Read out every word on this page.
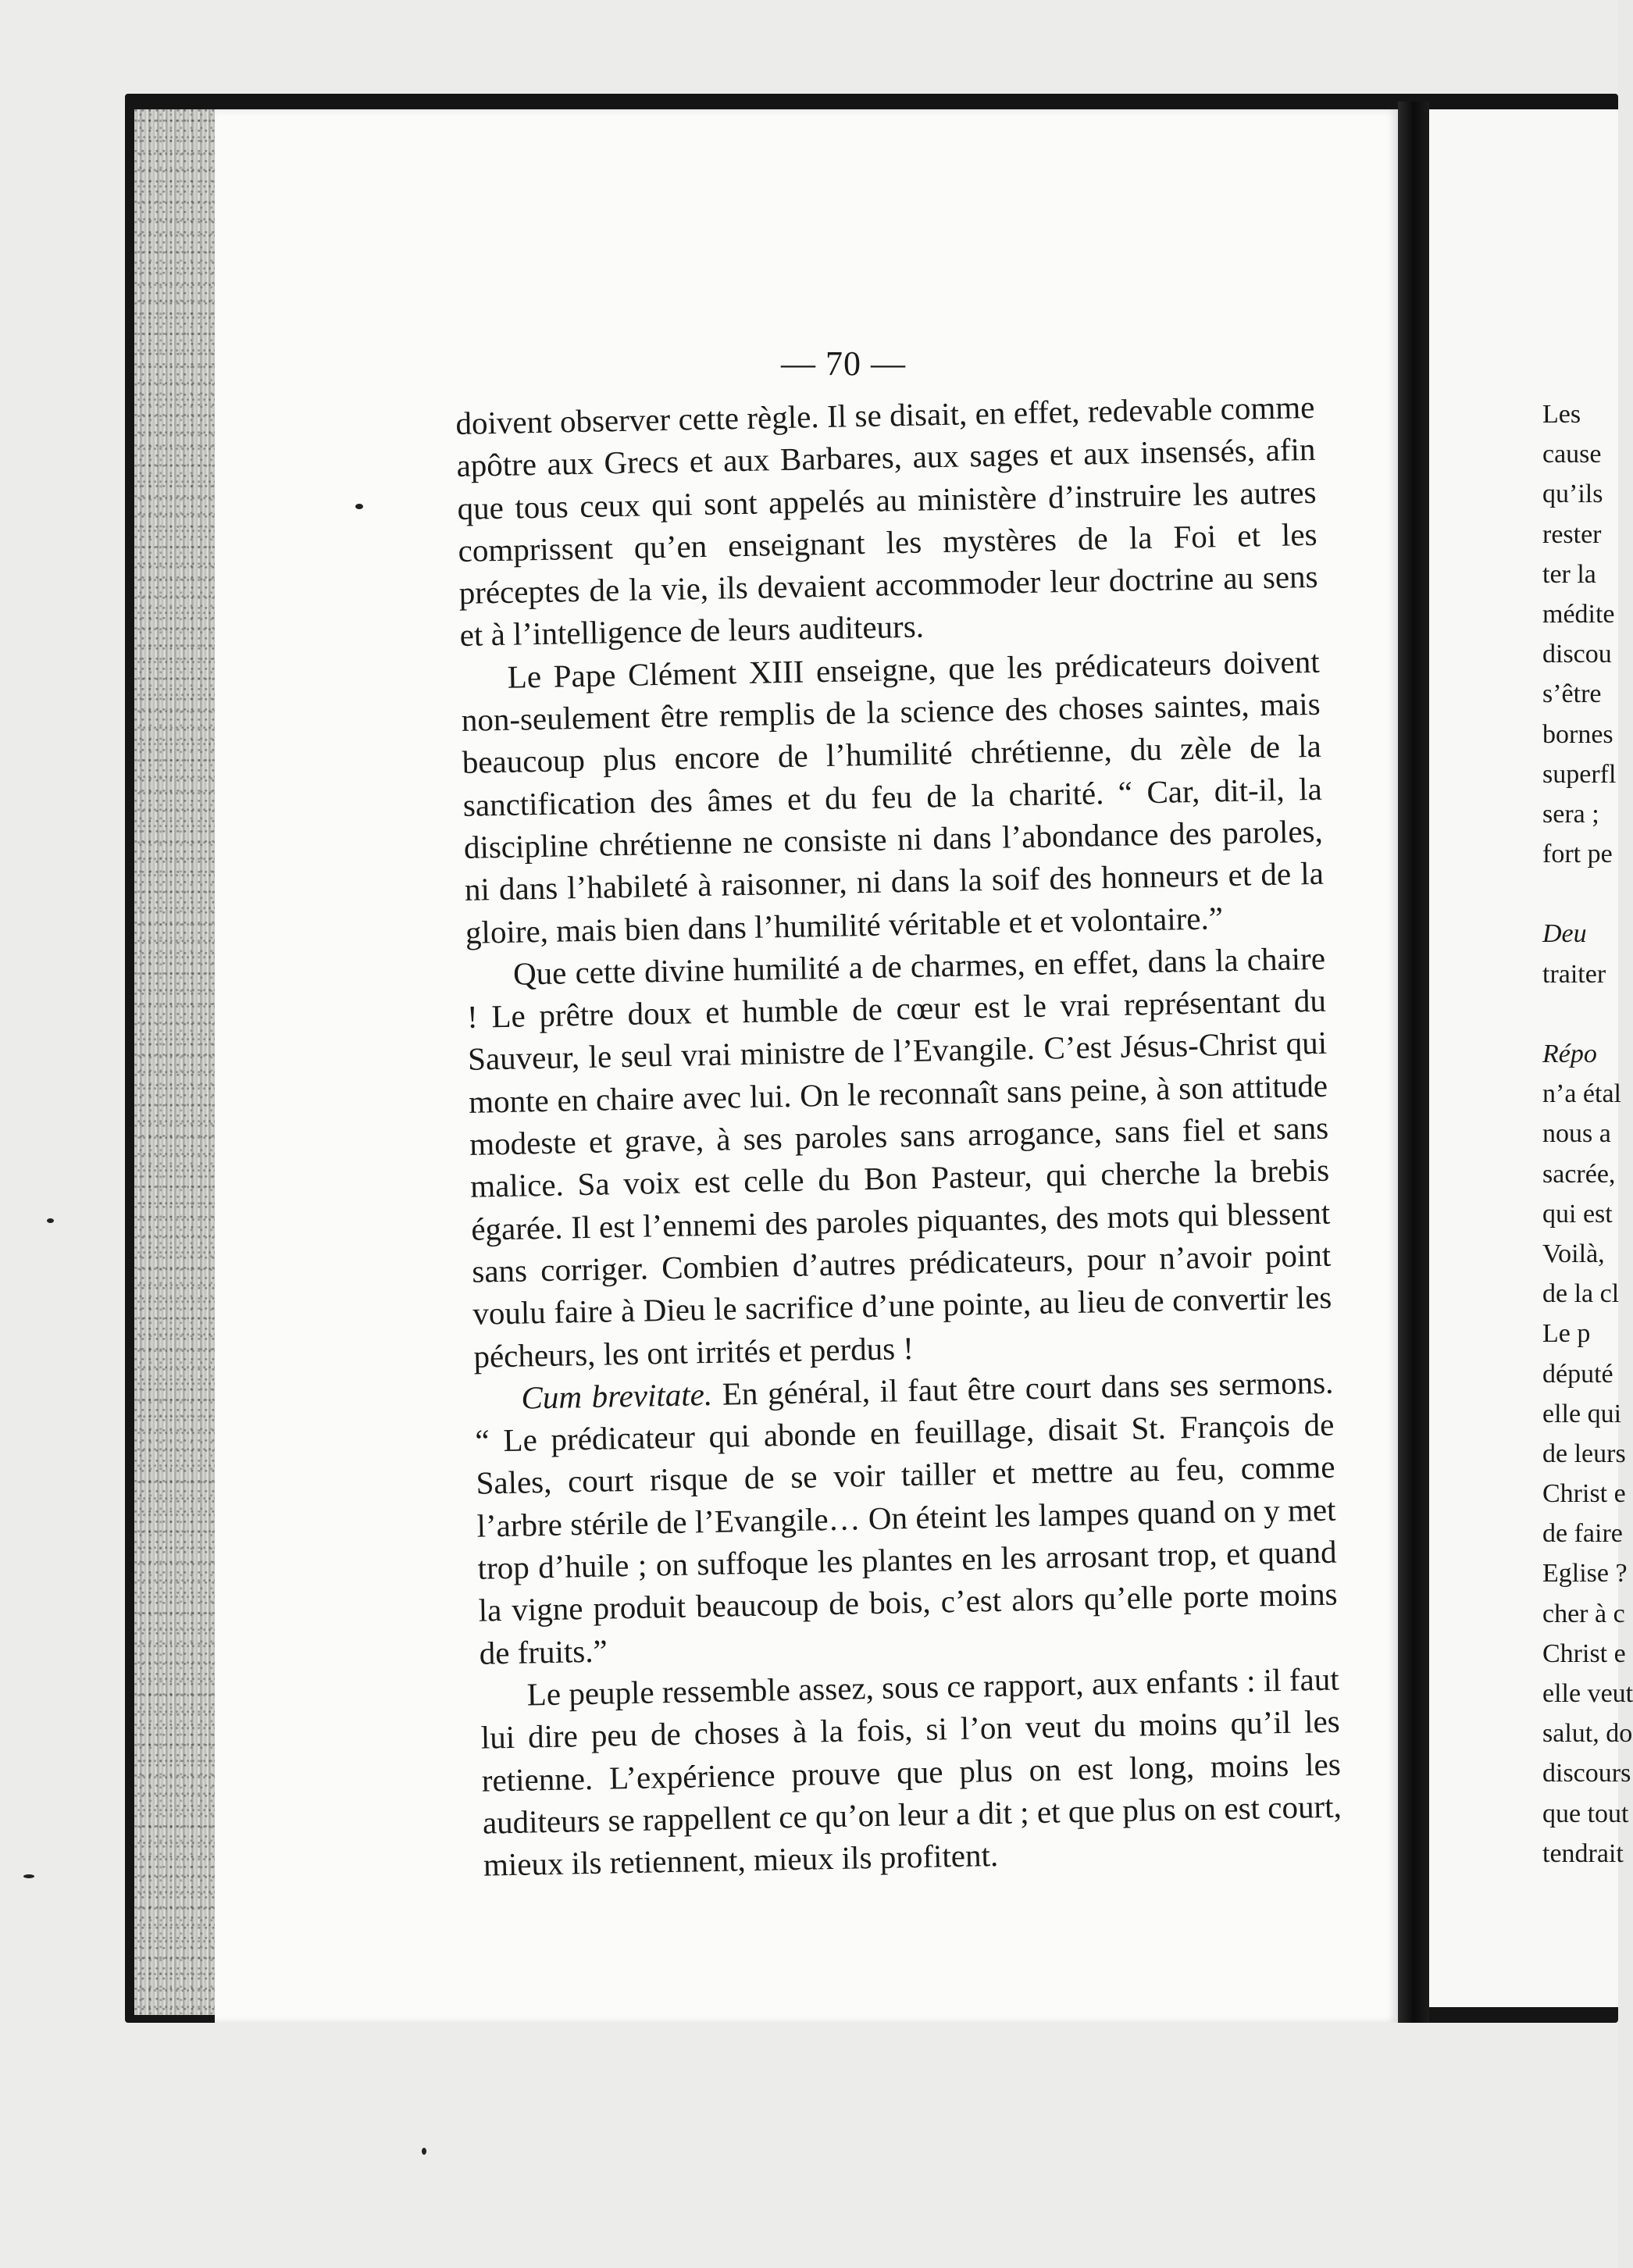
— 70 —

doivent observer cette règle. Il se disait, en effet, redevable comme apôtre aux Grecs et aux Barbares, aux sages et aux insensés, afin que tous ceux qui sont appelés au ministère d’instruire les autres comprissent qu’en enseignant les mystères de la Foi et les préceptes de la vie, ils devaient accommoder leur doctrine au sens et à l’intelligence de leurs auditeurs.

Le Pape Clément XIII enseigne, que les prédicateurs doivent non-seulement être remplis de la science des choses saintes, mais beaucoup plus encore de l’humilité chrétienne, du zèle de la sanctification des âmes et du feu de la charité. “ Car, dit-il, la discipline chrétienne ne consiste ni dans l’abondance des paroles, ni dans l’habileté à raisonner, ni dans la soif des honneurs et de la gloire, mais bien dans l’humilité véritable et et volontaire.”

Que cette divine humilité a de charmes, en effet, dans la chaire ! Le prêtre doux et humble de cœur est le vrai représentant du Sauveur, le seul vrai ministre de l’Evangile. C’est Jésus-Christ qui monte en chaire avec lui. On le reconnaît sans peine, à son attitude modeste et grave, à ses paroles sans arrogance, sans fiel et sans malice. Sa voix est celle du Bon Pasteur, qui cherche la brebis égarée. Il est l’ennemi des paroles piquantes, des mots qui blessent sans corriger. Combien d’autres prédicateurs, pour n’avoir point voulu faire à Dieu le sacrifice d’une pointe, au lieu de convertir les pécheurs, les ont irrités et perdus !

Cum brevitate. En général, il faut être court dans ses sermons. “ Le prédicateur qui abonde en feuillage, disait St. François de Sales, court risque de se voir tailler et mettre au feu, comme l’arbre stérile de l’Evangile… On éteint les lampes quand on y met trop d’huile ; on suffoque les plantes en les arrosant trop, et quand la vigne produit beaucoup de bois, c’est alors qu’elle porte moins de fruits.”

Le peuple ressemble assez, sous ce rapport, aux enfants : il faut lui dire peu de choses à la fois, si l’on veut du moins qu’il les retienne. L’expérience prouve que plus on est long, moins les auditeurs se rappellent ce qu’on leur a dit ; et que plus on est court, mieux ils retiennent, mieux ils profitent.

Les
cause
qu’ils
rester
ter la
médite
discou
s’être
bornes
superfl
sera ;
fort pe
Deu
traiter
Répo
n’a étal
nous a
sacrée,
qui est
Voilà,
de la cl
Le p
député
elle qui
de leurs
Christ e
de faire
Eglise ?
cher à c
Christ e
elle veut
salut, do
discours
que tout
tendrait
